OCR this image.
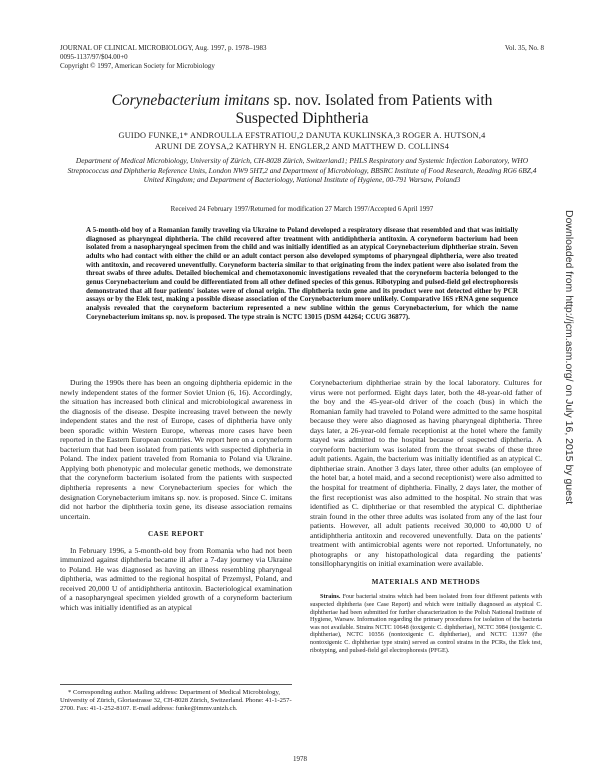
JOURNAL OF CLINICAL MICROBIOLOGY, Aug. 1997, p. 1978–1983
0095-1137/97/$04.00+0
Copyright © 1997, American Society for Microbiology
Vol. 35, No. 8
Corynebacterium imitans sp. nov. Isolated from Patients with
Suspected Diphtheria
GUIDO FUNKE,1* ANDROULLA EFSTRATIOU,2 DANUTA KUKLINSKA,3 ROGER A. HUTSON,4
ARUNI DE ZOYSA,2 KATHRYN H. ENGLER,2 AND MATTHEW D. COLLINS4
Department of Medical Microbiology, University of Zürich, CH-8028 Zürich, Switzerland1; PHLS Respiratory and Systemic Infection Laboratory, WHO Streptococcus and Diphtheria Reference Units, London NW9 5HT,2 and Department of Microbiology, BBSRC Institute of Food Research, Reading RG6 6BZ,4 United Kingdom; and Department of Bacteriology, National Institute of Hygiene, 00-791 Warsaw, Poland3
Received 24 February 1997/Returned for modification 27 March 1997/Accepted 6 April 1997
A 5-month-old boy of a Romanian family traveling via Ukraine to Poland developed a respiratory disease that resembled and that was initially diagnosed as pharyngeal diphtheria. The child recovered after treatment with antidiphtheria antitoxin. A coryneform bacterium had been isolated from a nasopharyngeal specimen from the child and was initially identified as an atypical Corynebacterium diphtheriae strain. Seven adults who had contact with either the child or an adult contact person also developed symptoms of pharyngeal diphtheria, were also treated with antitoxin, and recovered uneventfully. Coryneform bacteria similar to that originating from the index patient were also isolated from the throat swabs of three adults. Detailed biochemical and chemotaxonomic investigations revealed that the coryneform bacteria belonged to the genus Corynebacterium and could be differentiated from all other defined species of this genus. Ribotyping and pulsed-field gel electrophoresis demonstrated that all four patients' isolates were of clonal origin. The diphtheria toxin gene and its product were not detected either by PCR assays or by the Elek test, making a possible disease association of the Corynebacterium more unlikely. Comparative 16S rRNA gene sequence analysis revealed that the coryneform bacterium represented a new subline within the genus Corynebacterium, for which the name Corynebacterium imitans sp. nov. is proposed. The type strain is NCTC 13015 (DSM 44264; CCUG 36877).

During the 1990s there has been an ongoing diphtheria epidemic in the newly independent states of the former Soviet Union (6, 16). Accordingly, the situation has increased both clinical and microbiological awareness in the diagnosis of the disease. Despite increasing travel between the newly independent states and the rest of Europe, cases of diphtheria have only been sporadic within Western Europe, whereas more cases have been reported in the Eastern European countries. We report here on a coryneform bacterium that had been isolated from patients with suspected diphtheria in Poland. The index patient traveled from Romania to Poland via Ukraine. Applying both phenotypic and molecular genetic methods, we demonstrate that the coryneform bacterium isolated from the patients with suspected diphtheria represents a new Corynebacterium species for which the designation Corynebacterium imitans sp. nov. is proposed. Since C. imitans did not harbor the diphtheria toxin gene, its disease association remains uncertain.

CASE REPORT

In February 1996, a 5-month-old boy from Romania who had not been immunized against diphtheria became ill after a 7-day journey via Ukraine to Poland. He was diagnosed as having an illness resembling pharyngeal diphtheria, was admitted to the regional hospital of Przemysl, Poland, and received 20,000 U of antidiphtheria antitoxin. Bacteriological examination of a nasopharyngeal specimen yielded growth of a coryneform bacterium which was initially identified as an atypical

Corynebacterium diphtheriae strain by the local laboratory. Cultures for virus were not performed. Eight days later, both the 48-year-old father of the boy and the 45-year-old driver of the coach (bus) in which the Romanian family had traveled to Poland were admitted to the same hospital because they were also diagnosed as having pharyngeal diphtheria. Three days later, a 26-year-old female receptionist at the hotel where the family stayed was admitted to the hospital because of suspected diphtheria. A coryneform bacterium was isolated from the throat swabs of these three adult patients. Again, the bacterium was initially identified as an atypical C. diphtheriae strain. Another 3 days later, three other adults (an employee of the hotel bar, a hotel maid, and a second receptionist) were also admitted to the hospital for treatment of diphtheria. Finally, 2 days later, the mother of the first receptionist was also admitted to the hospital. No strain that was identified as C. diphtheriae or that resembled the atypical C. diphtheriae strain found in the other three adults was isolated from any of the last four patients. However, all adult patients received 30,000 to 40,000 U of antidiphtheria antitoxin and recovered uneventfully. Data on the patients' treatment with antimicrobial agents were not reported. Unfortunately, no photographs or any histopathological data regarding the patients' tonsillopharyngitis on initial examination were available.

MATERIALS AND METHODS

Strains. Four bacterial strains which had been isolated from four different patients with suspected diphtheria (see Case Report) and which were initially diagnosed as atypical C. diphtheriae had been submitted for further characterization to the Polish National Institute of Hygiene, Warsaw. Information regarding the primary procedures for isolation of the bacteria was not available. Strains NCTC 10648 (toxigenic C. diphtheriae), NCTC 3984 (toxigenic C. diphtheriae), NCTC 10356 (nontoxigenic C. diphtheriae), and NCTC 11397 (the nontoxigenic C. diphtheriae type strain) served as control strains in the PCRs, the Elek test, ribotyping, and pulsed-field gel electrophoresis (PFGE).

* Corresponding author. Mailing address: Department of Medical Microbiology, University of Zürich, Gloriastrasse 32, CH-8028 Zürich, Switzerland. Phone: 41-1-257-2700. Fax: 41-1-252-8107. E-mail address: funke@immv.unizh.ch.

1978
Downloaded from http://jcm.asm.org/ on July 16, 2015 by guest
